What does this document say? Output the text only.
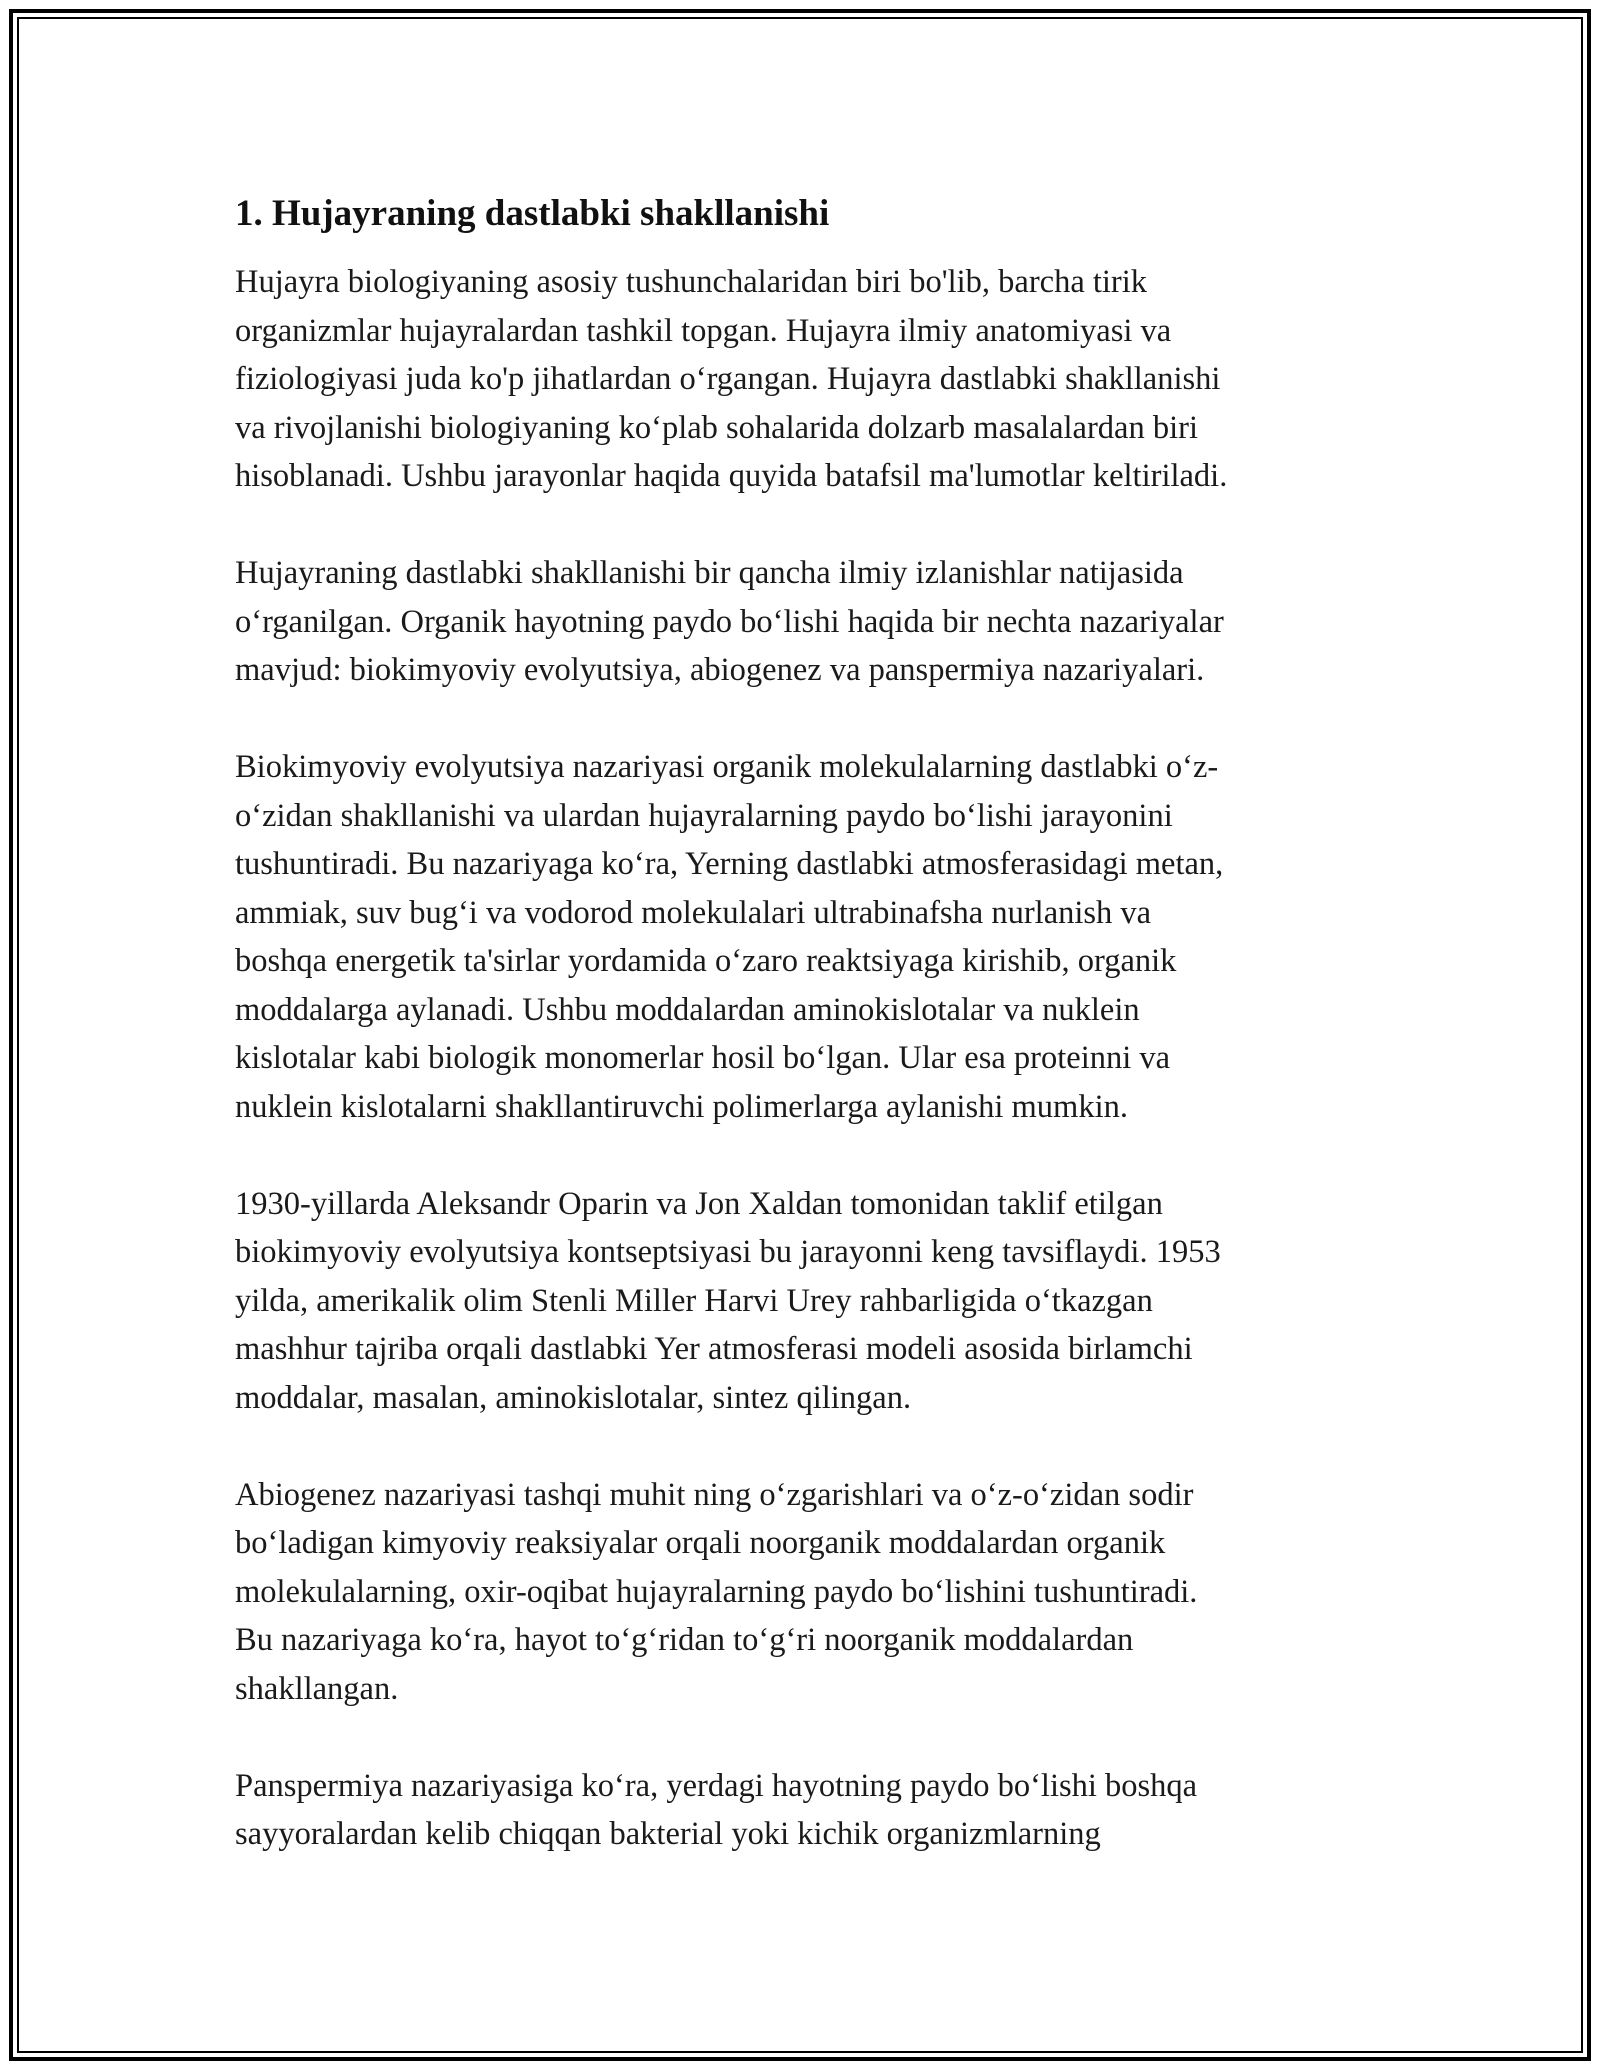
1. Hujayraning dastlabki shakllanishi

Hujayra biologiyaning asosiy tushunchalaridan biri bo'lib, barcha tirik
organizmlar hujayralardan tashkil topgan. Hujayra ilmiy anatomiyasi va
fiziologiyasi juda ko'p jihatlardan oʻrgangan. Hujayra dastlabki shakllanishi
va rivojlanishi biologiyaning koʻplab sohalarida dolzarb masalalardan biri
hisoblanadi. Ushbu jarayonlar haqida quyida batafsil ma'lumotlar keltiriladi.

Hujayraning dastlabki shakllanishi bir qancha ilmiy izlanishlar natijasida
oʻrganilgan. Organik hayotning paydo boʻlishi haqida bir nechta nazariyalar
mavjud: biokimyoviy evolyutsiya, abiogenez va panspermiya nazariyalari.

Biokimyoviy evolyutsiya nazariyasi organik molekulalarning dastlabki oʻz-
oʻzidan shakllanishi va ulardan hujayralarning paydo boʻlishi jarayonini
tushuntiradi. Bu nazariyaga koʻra, Yerning dastlabki atmosferasidagi metan,
ammiak, suv bugʻi va vodorod molekulalari ultrabinafsha nurlanish va
boshqa energetik ta'sirlar yordamida oʻzaro reaktsiyaga kirishib, organik
moddalarga aylanadi. Ushbu moddalardan aminokislotalar va nuklein
kislotalar kabi biologik monomerlar hosil boʻlgan. Ular esa proteinni va
nuklein kislotalarni shakllantiruvchi polimerlarga aylanishi mumkin.

1930-yillarda Aleksandr Oparin va Jon Xaldan tomonidan taklif etilgan
biokimyoviy evolyutsiya kontseptsiyasi bu jarayonni keng tavsiflaydi. 1953
yilda, amerikalik olim Stenli Miller Harvi Urey rahbarligida oʻtkazgan
mashhur tajriba orqali dastlabki Yer atmosferasi modeli asosida birlamchi
moddalar, masalan, aminokislotalar, sintez qilingan.

Abiogenez nazariyasi tashqi muhit ning oʻzgarishlari va oʻz-oʻzidan sodir
boʻladigan kimyoviy reaksiyalar orqali noorganik moddalardan organik
molekulalarning, oxir-oqibat hujayralarning paydo boʻlishini tushuntiradi.
Bu nazariyaga koʻra, hayot toʻgʻridan toʻgʻri noorganik moddalardan
shakllangan.

Panspermiya nazariyasiga koʻra, yerdagi hayotning paydo boʻlishi boshqa
sayyoralardan kelib chiqqan bakterial yoki kichik organizmlarning
